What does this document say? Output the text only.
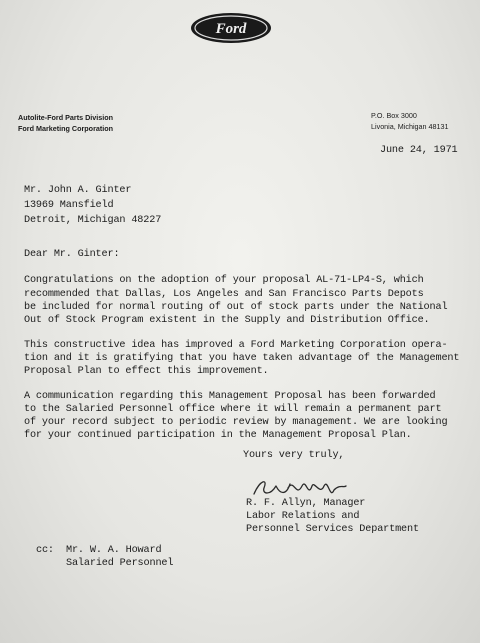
Ford
Autolite-Ford Parts Division
Ford Marketing Corporation
P.O. Box 3000
Livonia, Michigan 48131
June 24, 1971
Mr. John A. Ginter
13969 Mansfield
Detroit, Michigan 48227
Dear Mr. Ginter:
Congratulations on the adoption of your proposal AL-71-LP4-S, which
recommended that Dallas, Los Angeles and San Francisco Parts Depots
be included for normal routing of out of stock parts under the National
Out of Stock Program existent in the Supply and Distribution Office.
This constructive idea has improved a Ford Marketing Corporation opera-
tion and it is gratifying that you have taken advantage of the Management
Proposal Plan to effect this improvement.
A communication regarding this Management Proposal has been forwarded
to the Salaried Personnel office where it will remain a permanent part
of your record subject to periodic review by management. We are looking
for your continued participation in the Management Proposal Plan.
Yours very truly,
R. F. Allyn, Manager
Labor Relations and
Personnel Services Department
cc: Mr. W. A. Howard
Salaried Personnel
